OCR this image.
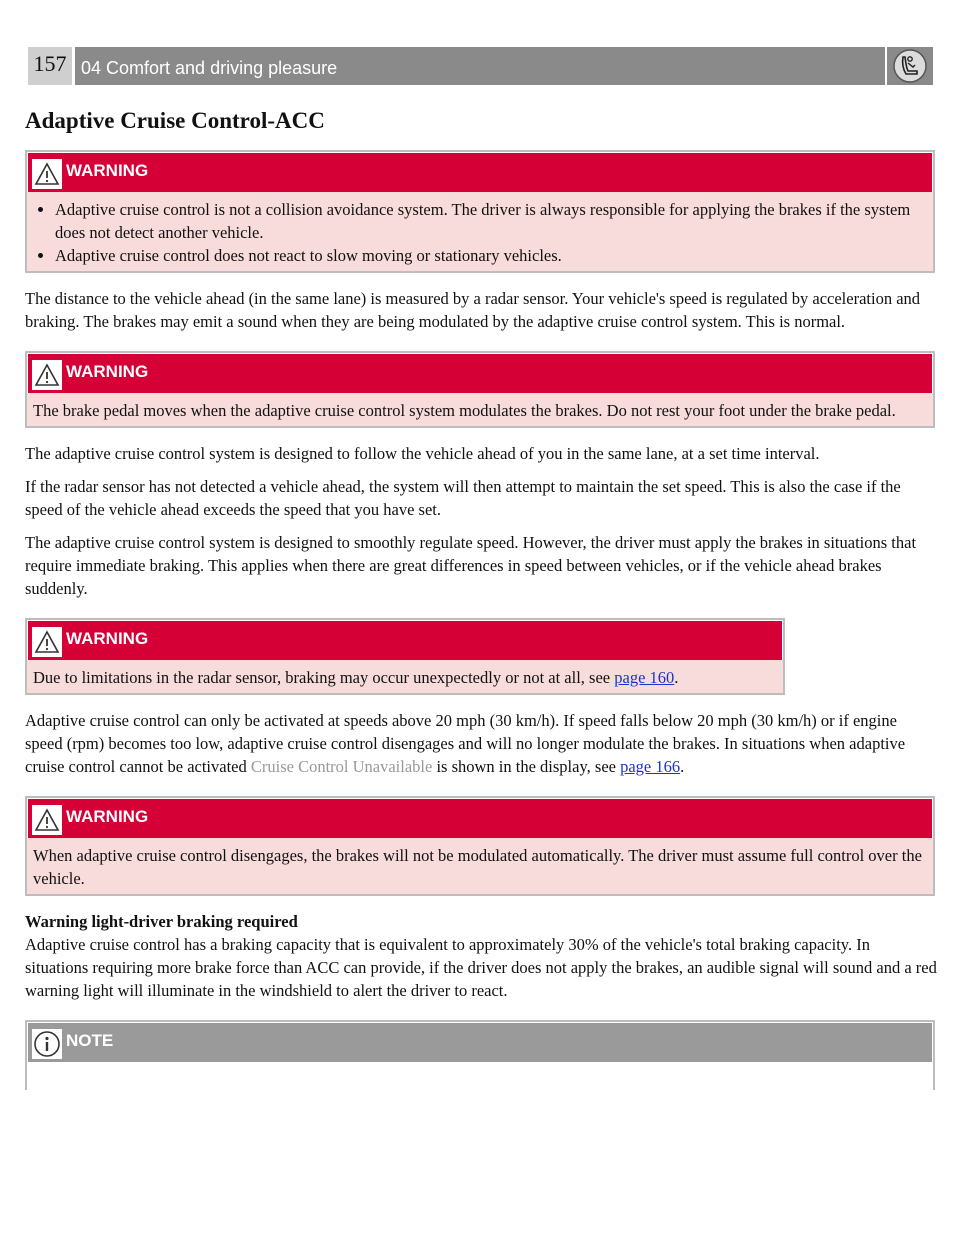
157 04 Comfort and driving pleasure
Adaptive Cruise Control-ACC
WARNING
• Adaptive cruise control is not a collision avoidance system. The driver is always responsible for applying the brakes if the system does not detect another vehicle.
• Adaptive cruise control does not react to slow moving or stationary vehicles.

The distance to the vehicle ahead (in the same lane) is measured by a radar sensor. Your vehicle's speed is regulated by acceleration and braking. The brakes may emit a sound when they are being modulated by the adaptive cruise control system. This is normal.

WARNING
The brake pedal moves when the adaptive cruise control system modulates the brakes. Do not rest your foot under the brake pedal.

The adaptive cruise control system is designed to follow the vehicle ahead of you in the same lane, at a set time interval.

If the radar sensor has not detected a vehicle ahead, the system will then attempt to maintain the set speed. This is also the case if the speed of the vehicle ahead exceeds the speed that you have set.

The adaptive cruise control system is designed to smoothly regulate speed. However, the driver must apply the brakes in situations that require immediate braking. This applies when there are great differences in speed between vehicles, or if the vehicle ahead brakes suddenly.

WARNING
Due to limitations in the radar sensor, braking may occur unexpectedly or not at all, see page 160.

Adaptive cruise control can only be activated at speeds above 20 mph (30 km/h). If speed falls below 20 mph (30 km/h) or if engine speed (rpm) becomes too low, adaptive cruise control disengages and will no longer modulate the brakes. In situations when adaptive cruise control cannot be activated Cruise Control Unavailable is shown in the display, see page 166.

WARNING
When adaptive cruise control disengages, the brakes will not be modulated automatically. The driver must assume full control over the vehicle.

Warning light-driver braking required
Adaptive cruise control has a braking capacity that is equivalent to approximately 30% of the vehicle's total braking capacity. In situations requiring more brake force than ACC can provide, if the driver does not apply the brakes, an audible signal will sound and a red warning light will illuminate in the windshield to alert the driver to react.

NOTE
